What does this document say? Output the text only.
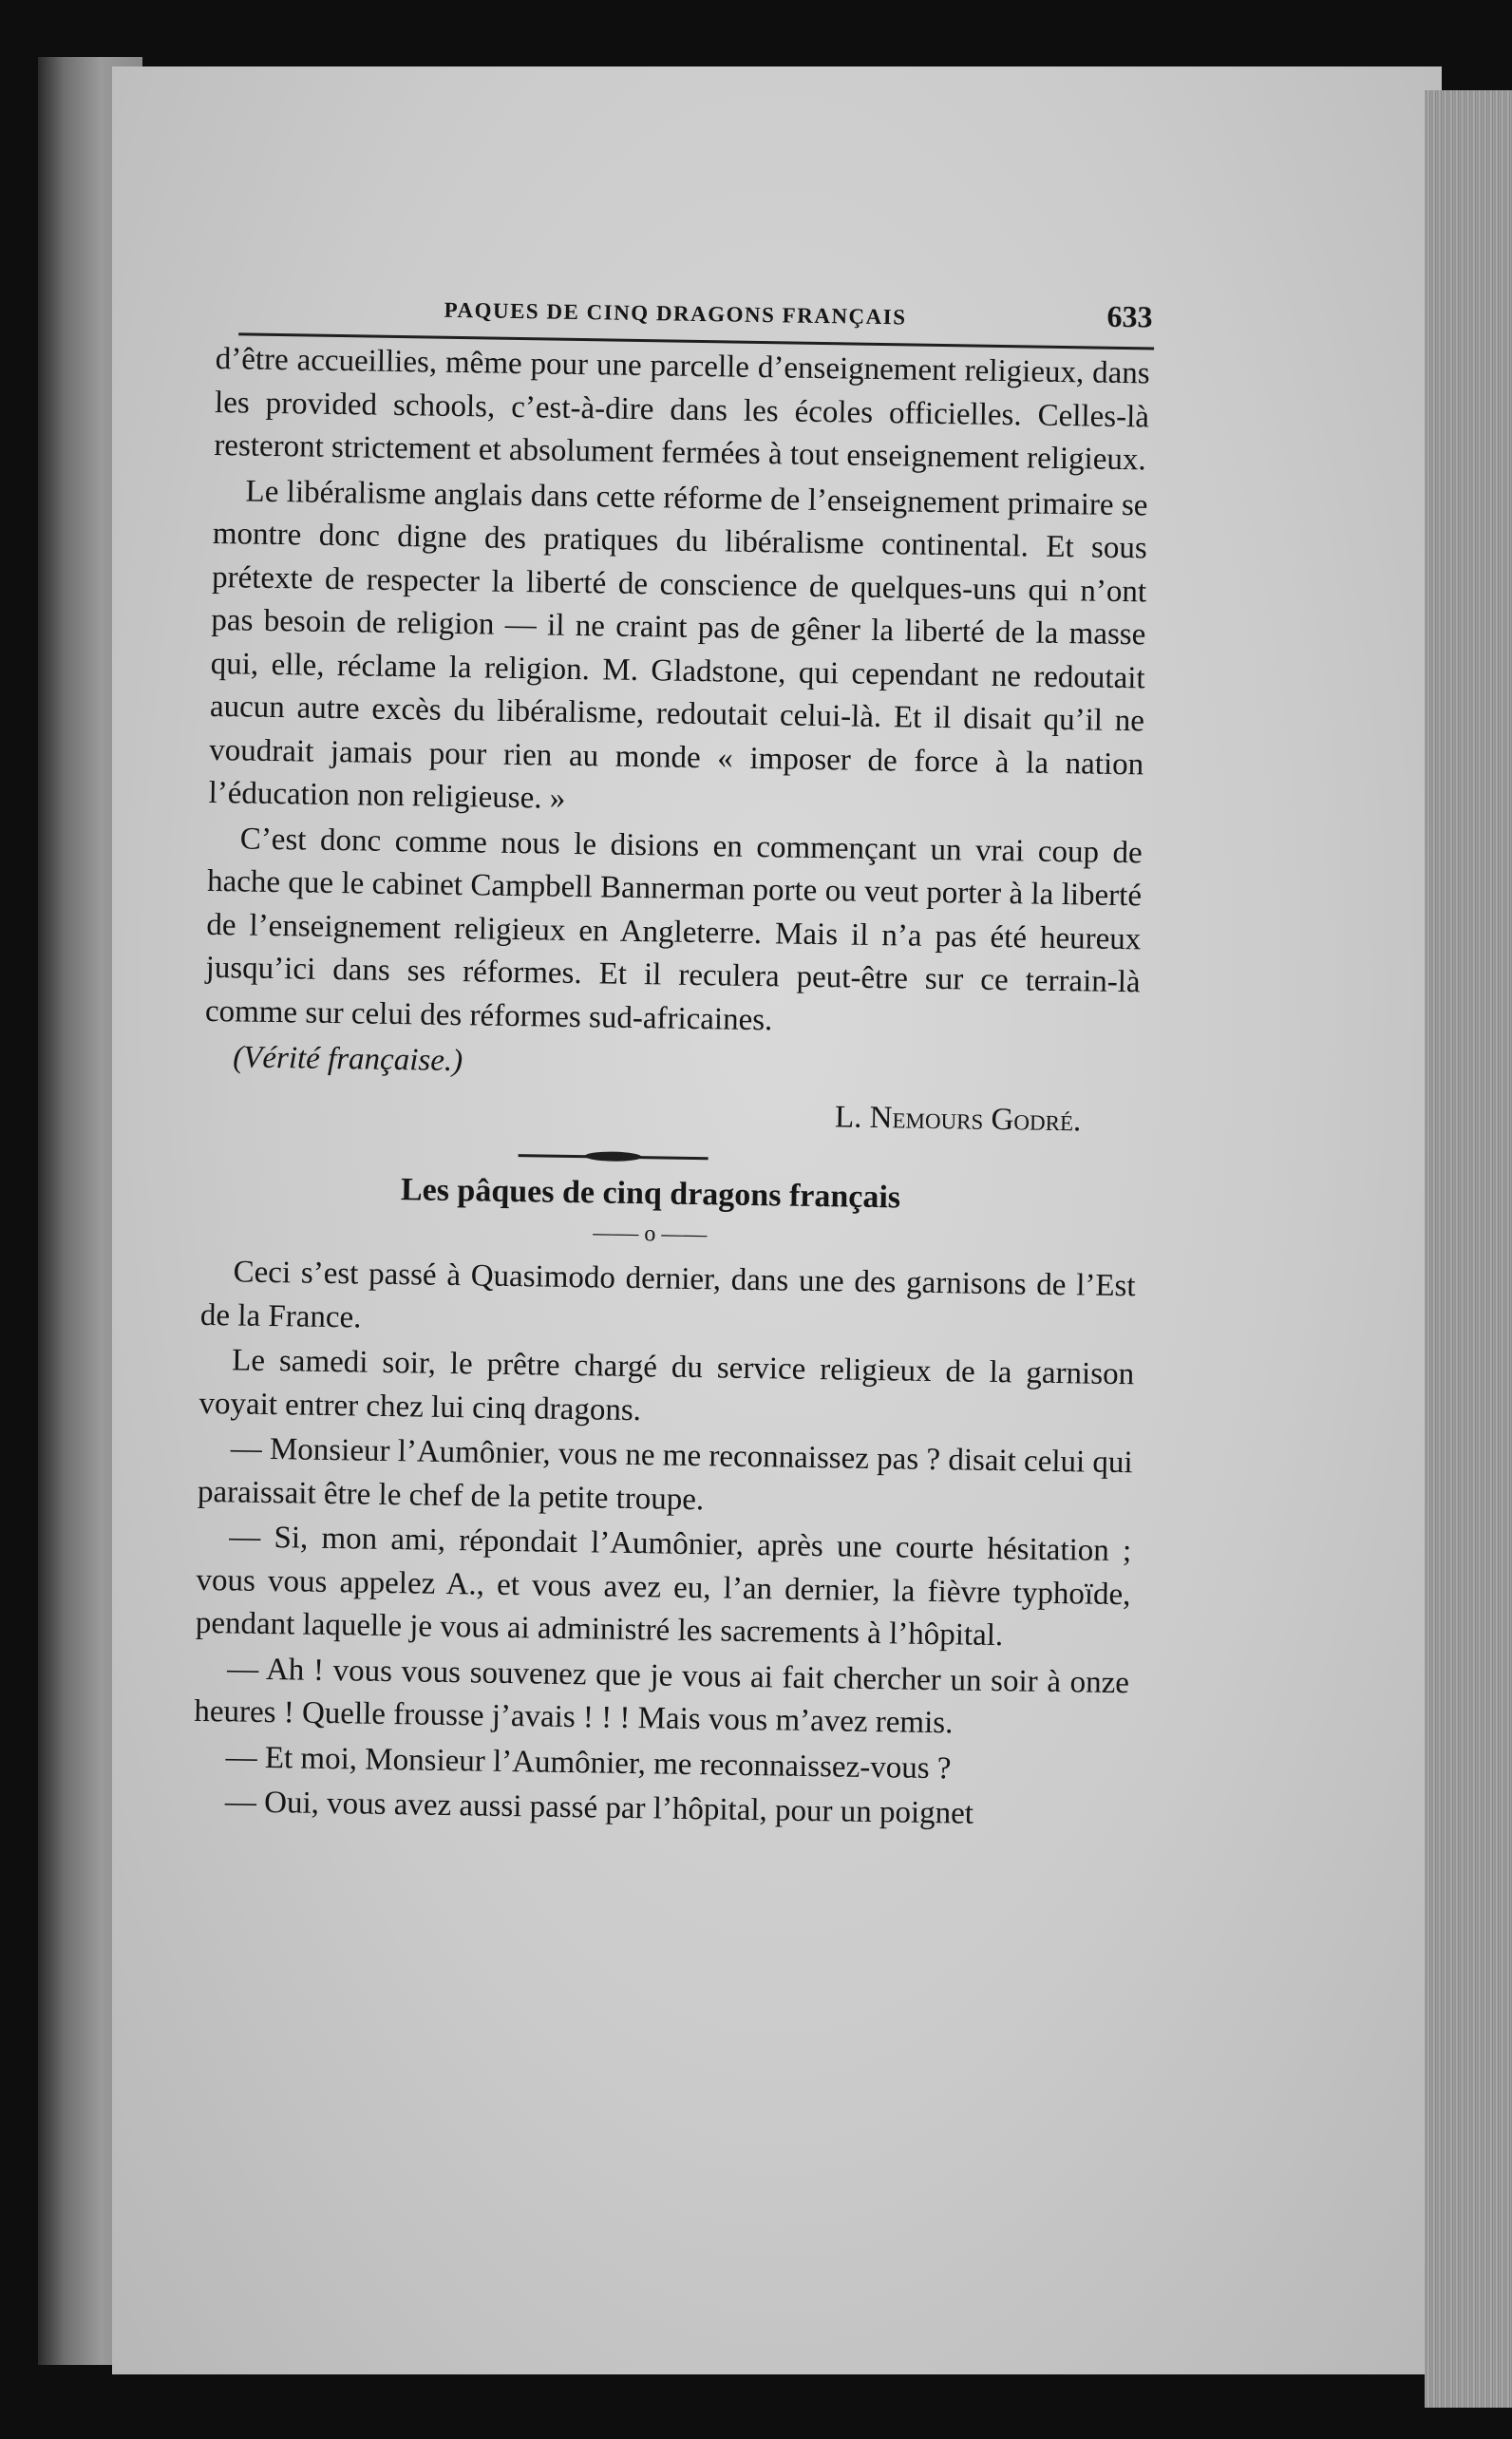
PAQUES DE CINQ DRAGONS FRANÇAIS	633

d’être accueillies, même pour une parcelle d’enseignement religieux, dans les provided schools, c’est-à-dire dans les écoles officielles. Celles-là resteront strictement et absolument fermées à tout enseignement religieux.

Le libéralisme anglais dans cette réforme de l’enseignement primaire se montre donc digne des pratiques du libéralisme continental. Et sous prétexte de respecter la liberté de conscience de quelques-uns qui n’ont pas besoin de religion — il ne craint pas de gêner la liberté de la masse qui, elle, réclame la religion. M. Gladstone, qui cependant ne redoutait aucun autre excès du libéralisme, redoutait celui-là. Et il disait qu’il ne voudrait jamais pour rien au monde « imposer de force à la nation l’éducation non religieuse. »

C’est donc comme nous le disions en commençant un vrai coup de hache que le cabinet Campbell Bannerman porte ou veut porter à la liberté de l’enseignement religieux en Angleterre. Mais il n’a pas été heureux jusqu’ici dans ses réformes. Et il reculera peut-être sur ce terrain-là comme sur celui des réformes sud-africaines.

(Vérité française.)
L. Nemours Godré.
Les pâques de cinq dragons français
—— o ——

Ceci s’est passé à Quasimodo dernier, dans une des garnisons de l’Est de la France.

Le samedi soir, le prêtre chargé du service religieux de la garnison voyait entrer chez lui cinq dragons.

— Monsieur l’Aumônier, vous ne me reconnaissez pas ? disait celui qui paraissait être le chef de la petite troupe.

— Si, mon ami, répondait l’Aumônier, après une courte hésitation ; vous vous appelez A., et vous avez eu, l’an dernier, la fièvre typhoïde, pendant laquelle je vous ai administré les sacrements à l’hôpital.

— Ah ! vous vous souvenez que je vous ai fait chercher un soir à onze heures ! Quelle frousse j’avais ! ! ! Mais vous m’avez remis.

— Et moi, Monsieur l’Aumônier, me reconnaissez-vous ?

— Oui, vous avez aussi passé par l’hôpital, pour un poignet
